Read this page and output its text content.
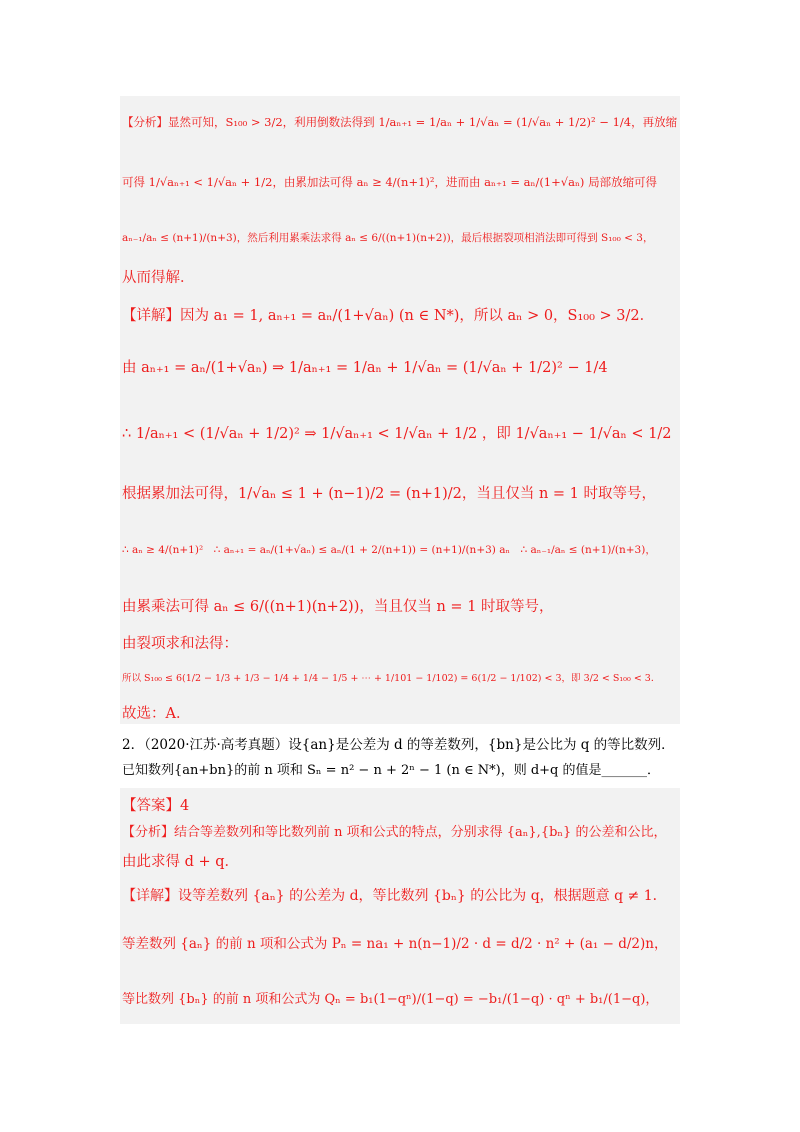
【分析】显然可知，S₁₀₀ > 3/2，利用倒数法得到 1/aₙ₊₁ = 1/aₙ + 1/√aₙ = (1/√aₙ + 1/2)² − 1/4，再放缩
可得 1/√aₙ₊₁ < 1/√aₙ + 1/2，由累加法可得 aₙ ≥ 4/(n+1)²，进而由 aₙ₊₁ = aₙ/(1+√aₙ) 局部放缩可得
aₙ₋₁/aₙ ≤ (n+1)/(n+3)，然后利用累乘法求得 aₙ ≤ 6/((n+1)(n+2))，最后根据裂项相消法即可得到 S₁₀₀ < 3，
从而得解．
【详解】因为 a₁ = 1, aₙ₊₁ = aₙ/(1+√aₙ) (n ∈ N*)，所以 aₙ > 0，S₁₀₀ > 3/2．
由 aₙ₊₁ = aₙ/(1+√aₙ) ⇒ 1/aₙ₊₁ = 1/aₙ + 1/√aₙ = (1/√aₙ + 1/2)² − 1/4
∴ 1/aₙ₊₁ < (1/√aₙ + 1/2)² ⇒ 1/√aₙ₊₁ < 1/√aₙ + 1/2 ，即 1/√aₙ₊₁ − 1/√aₙ < 1/2
根据累加法可得，1/√aₙ ≤ 1 + (n−1)/2 = (n+1)/2，当且仅当 n = 1 时取等号，
∴ aₙ ≥ 4/(n+1)²　∴ aₙ₊₁ = aₙ/(1+√aₙ) ≤ aₙ/(1 + 2/(n+1)) = (n+1)/(n+3) aₙ　∴ aₙ₋₁/aₙ ≤ (n+1)/(n+3)，
由累乘法可得 aₙ ≤ 6/((n+1)(n+2))，当且仅当 n = 1 时取等号，
由裂项求和法得：
所以 S₁₀₀ ≤ 6(1/2 − 1/3 + 1/3 − 1/4 + 1/4 − 1/5 + ⋯ + 1/101 − 1/102) = 6(1/2 − 1/102) < 3，即 3/2 < S₁₀₀ < 3．
故选：A．
2．（2020·江苏·高考真题）设{an}是公差为 d 的等差数列，{bn}是公比为 q 的等比数列．
已知数列{an+bn}的前 n 项和 Sₙ = n² − n + 2ⁿ − 1 (n ∈ N*)，则 d+q 的值是_______．
【答案】4
【分析】结合等差数列和等比数列前 n 项和公式的特点，分别求得 {aₙ},{bₙ} 的公差和公比，
由此求得 d + q．
【详解】设等差数列 {aₙ} 的公差为 d，等比数列 {bₙ} 的公比为 q，根据题意 q ≠ 1．
等差数列 {aₙ} 的前 n 项和公式为 Pₙ = na₁ + n(n−1)/2 · d = d/2 · n² + (a₁ − d/2)n，
等比数列 {bₙ} 的前 n 项和公式为 Qₙ = b₁(1−qⁿ)/(1−q) = −b₁/(1−q) · qⁿ + b₁/(1−q)，
